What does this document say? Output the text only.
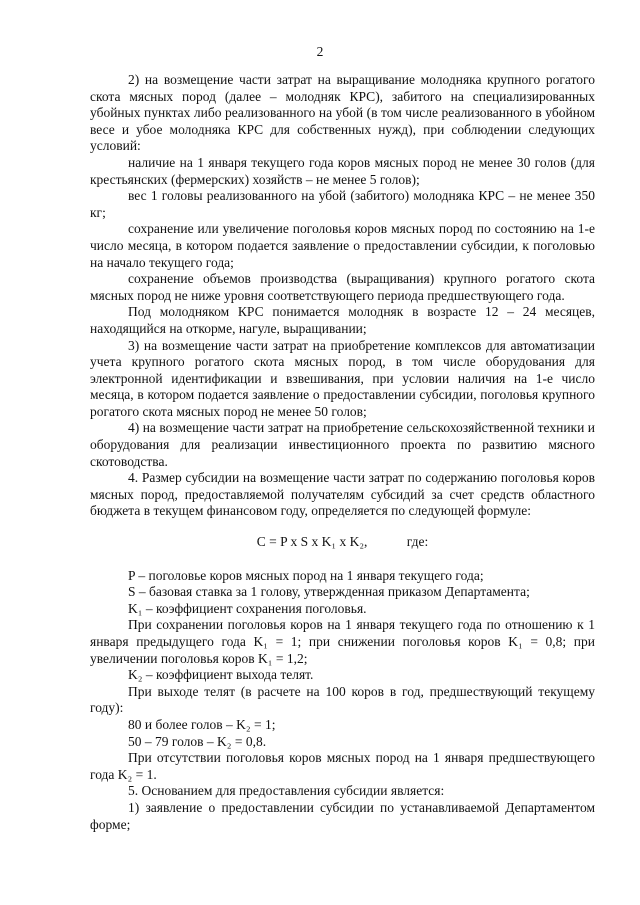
2

2) на возмещение части затрат на выращивание молодняка крупного рогатого скота мясных пород (далее – молодняк КРС), забитого на специализированных убойных пунктах либо реализованного на убой (в том числе реализованного в убойном весе и убое молодняка КРС для собственных нужд), при соблюдении следующих условий:

наличие на 1 января текущего года коров мясных пород не менее 30 голов (для крестьянских (фермерских) хозяйств – не менее 5 голов);

вес 1 головы реализованного на убой (забитого) молодняка КРС – не менее 350 кг;

сохранение или увеличение поголовья коров мясных пород по состоянию на 1-е число месяца, в котором подается заявление о предоставлении субсидии, к поголовью на начало текущего года;

сохранение объемов производства (выращивания) крупного рогатого скота мясных пород не ниже уровня соответствующего периода предшествующего года.

Под молодняком КРС понимается молодняк в возрасте 12 – 24 месяцев, находящийся на откорме, нагуле, выращивании;

3) на возмещение части затрат на приобретение комплексов для автоматизации учета крупного рогатого скота мясных пород, в том числе оборудования для электронной идентификации и взвешивания, при условии наличия на 1-е число месяца, в котором подается заявление о предоставлении субсидии, поголовья крупного рогатого скота мясных пород не менее 50 голов;

4) на возмещение части затрат на приобретение сельскохозяйственной техники и оборудования для реализации инвестиционного проекта по развитию мясного скотоводства.

4. Размер субсидии на возмещение части затрат по содержанию поголовья коров мясных пород, предоставляемой получателям субсидий за счет средств областного бюджета в текущем финансовом году, определяется по следующей формуле:

С = P х S х K₁ х K₂,	где:

P – поголовье коров мясных пород на 1 января текущего года;

S – базовая ставка за 1 голову, утвержденная приказом Департамента;

K₁ – коэффициент сохранения поголовья.

При сохранении поголовья коров на 1 января текущего года по отношению к 1 января предыдущего года K₁ = 1; при снижении поголовья коров K₁ = 0,8; при увеличении поголовья коров K₁ = 1,2;

K₂ – коэффициент выхода телят.

При выходе телят (в расчете на 100 коров в год, предшествующий текущему году):

80 и более голов – K₂ = 1;

50 – 79 голов – K₂ = 0,8.

При отсутствии поголовья коров мясных пород на 1 января предшествующего года K₂ = 1.

5. Основанием для предоставления субсидии является:

1) заявление о предоставлении субсидии по устанавливаемой Департаментом форме;
